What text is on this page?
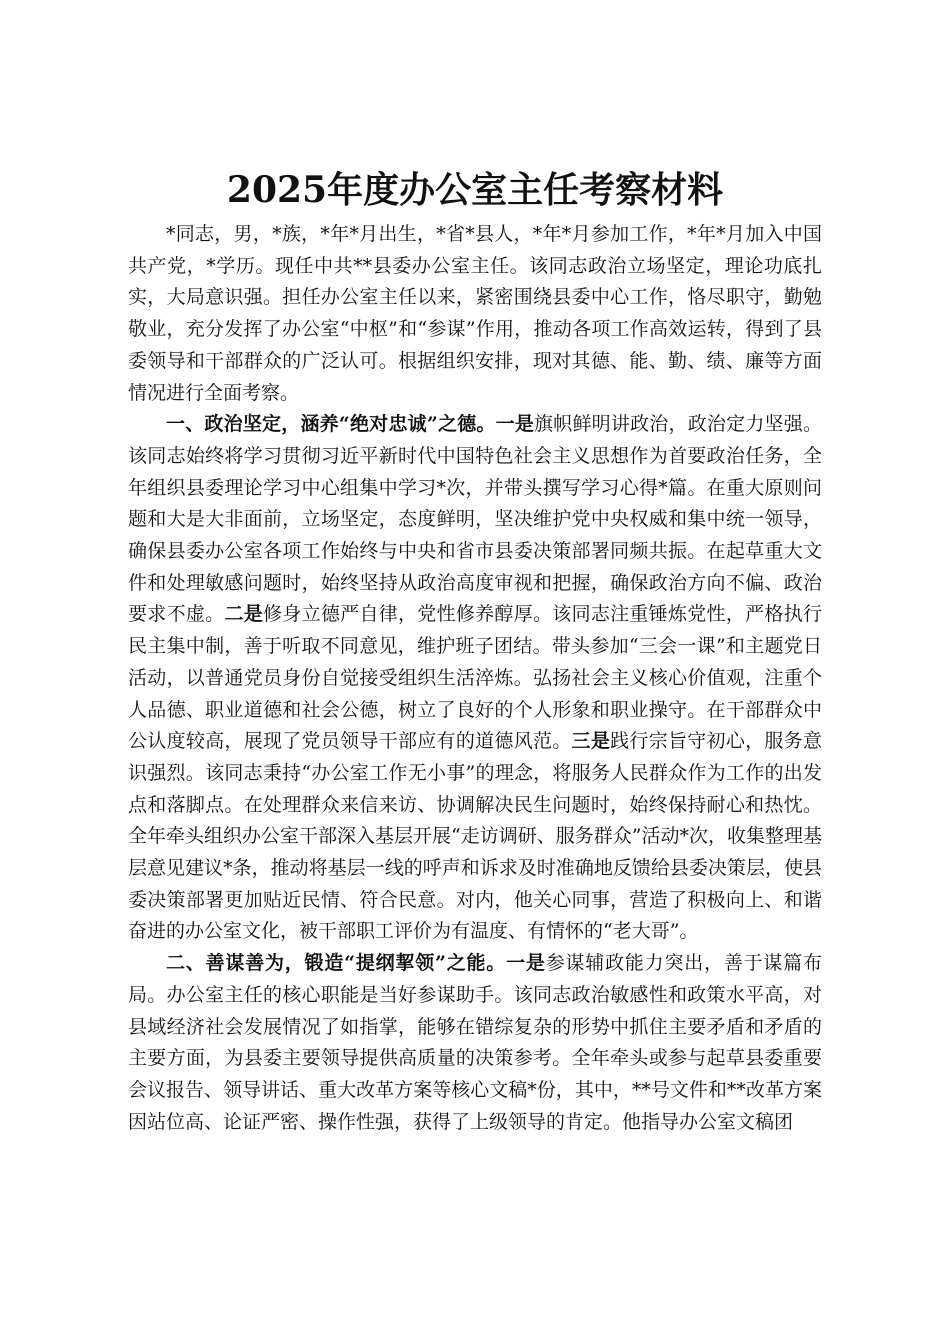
2025年度办公室主任考察材料

*同志，男，*族，*年*月出生，*省*县人，*年*月参加工作，*年*月加入中国共产党，*学历。现任中共**县委办公室主任。该同志政治立场坚定，理论功底扎实，大局意识强。担任办公室主任以来，紧密围绕县委中心工作，恪尽职守，勤勉敬业，充分发挥了办公室“中枢”和“参谋”作用，推动各项工作高效运转，得到了县委领导和干部群众的广泛认可。根据组织安排，现对其德、能、勤、绩、廉等方面情况进行全面考察。

一、政治坚定，涵养“绝对忠诚”之德。一是旗帜鲜明讲政治，政治定力坚强。该同志始终将学习贯彻习近平新时代中国特色社会主义思想作为首要政治任务，全年组织县委理论学习中心组集中学习*次，并带头撰写学习心得*篇。在重大原则问题和大是大非面前，立场坚定，态度鲜明，坚决维护党中央权威和集中统一领导，确保县委办公室各项工作始终与中央和省市县委决策部署同频共振。在起草重大文件和处理敏感问题时，始终坚持从政治高度审视和把握，确保政治方向不偏、政治要求不虚。二是修身立德严自律，党性修养醇厚。该同志注重锤炼党性，严格执行民主集中制，善于听取不同意见，维护班子团结。带头参加“三会一课”和主题党日活动，以普通党员身份自觉接受组织生活淬炼。弘扬社会主义核心价值观，注重个人品德、职业道德和社会公德，树立了良好的个人形象和职业操守。在干部群众中公认度较高，展现了党员领导干部应有的道德风范。三是践行宗旨守初心，服务意识强烈。该同志秉持“办公室工作无小事”的理念，将服务人民群众作为工作的出发点和落脚点。在处理群众来信来访、协调解决民生问题时，始终保持耐心和热忱。全年牵头组织办公室干部深入基层开展“走访调研、服务群众”活动*次，收集整理基层意见建议*条，推动将基层一线的呼声和诉求及时准确地反馈给县委决策层，使县委决策部署更加贴近民情、符合民意。对内，他关心同事，营造了积极向上、和谐奋进的办公室文化，被干部职工评价为有温度、有情怀的“老大哥”。

二、善谋善为，锻造“提纲挈领”之能。一是参谋辅政能力突出，善于谋篇布局。办公室主任的核心职能是当好参谋助手。该同志政治敏感性和政策水平高，对县域经济社会发展情况了如指掌，能够在错综复杂的形势中抓住主要矛盾和矛盾的主要方面，为县委主要领导提供高质量的决策参考。全年牵头或参与起草县委重要会议报告、领导讲话、重大改革方案等核心文稿*份，其中，**号文件和**改革方案因站位高、论证严密、操作性强，获得了上级领导的肯定。他指导办公室文稿团
